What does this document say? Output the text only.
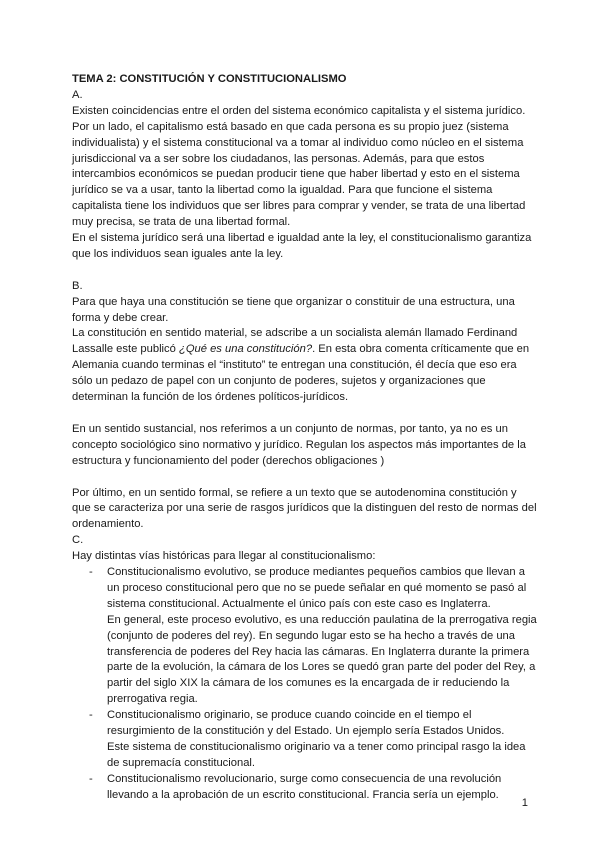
TEMA 2: CONSTITUCIÓN Y CONSTITUCIONALISMO

A.

Existen coincidencias entre el orden del sistema económico capitalista y el sistema jurídico. Por un lado, el capitalismo está basado en que cada persona es su propio juez (sistema individualista) y el sistema constitucional va a tomar al individuo como núcleo en el sistema jurisdiccional va a ser sobre los ciudadanos, las personas. Además, para que estos intercambios económicos se puedan producir tiene que haber libertad y esto en el sistema jurídico se va a usar, tanto la libertad como la igualdad. Para que funcione el sistema capitalista tiene los individuos que ser libres para comprar y vender, se trata de una libertad muy precisa, se trata de una libertad formal.

En el sistema jurídico será una libertad e igualdad ante la ley, el constitucionalismo garantiza que los individuos sean iguales ante la ley.

B.

Para que haya una constitución se tiene que organizar o constituir de una estructura, una forma y debe crear.

La constitución en sentido material, se adscribe a un socialista alemán llamado Ferdinand Lassalle este publicó ¿Qué es una constitución?. En esta obra comenta críticamente que en Alemania cuando terminas el “instituto” te entregan una constitución, él decía que eso era sólo un pedazo de papel con un conjunto de poderes, sujetos y organizaciones que determinan la función de los órdenes políticos-jurídicos.

En un sentido sustancial, nos referimos a un conjunto de normas, por tanto, ya no es un concepto sociológico sino normativo y jurídico. Regulan los aspectos más importantes de la estructura y funcionamiento del poder (derechos obligaciones )

Por último, en un sentido formal, se refiere a un texto que se autodenomina constitución y que se caracteriza por una serie de rasgos jurídicos que la distinguen del resto de normas del ordenamiento.

C.

Hay distintas vías históricas para llegar al constitucionalismo:

- Constitucionalismo evolutivo, se produce mediantes pequeños cambios que llevan a un proceso constitucional pero que no se puede señalar en qué momento se pasó al sistema constitucional. Actualmente el único país con este caso es Inglaterra.

En general, este proceso evolutivo, es una reducción paulatina de la prerrogativa regia (conjunto de poderes del rey). En segundo lugar esto se ha hecho a través de una transferencia de poderes del Rey hacia las cámaras. En Inglaterra durante la primera parte de la evolución, la cámara de los Lores se quedó gran parte del poder del Rey, a partir del siglo XIX la cámara de los comunes es la encargada de ir reduciendo la prerrogativa regia.

- Constitucionalismo originario, se produce cuando coincide en el tiempo el resurgimiento de la constitución y del Estado. Un ejemplo sería Estados Unidos.

Este sistema de constitucionalismo originario va a tener como principal rasgo la idea de supremacía constitucional.

- Constitucionalismo revolucionario, surge como consecuencia de una revolución llevando a la aprobación de un escrito constitucional. Francia sería un ejemplo.

1
